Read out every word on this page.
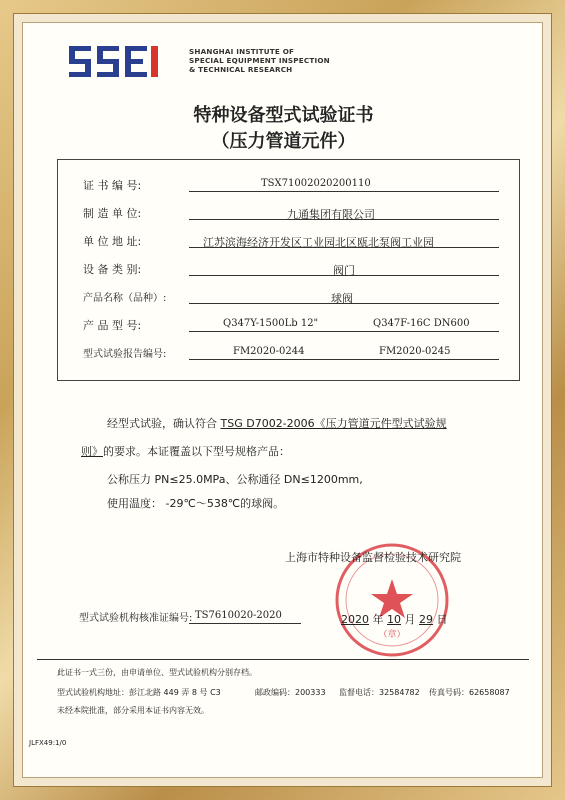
SHANGHAI INSTITUTE OF
SPECIAL EQUIPMENT INSPECTION
& TECHNICAL RESEARCH
特种设备型式试验证书
（压力管道元件）
证 书 编 号:	TSX71002020200110
制 造 单 位:	九通集团有限公司
单 位 地 址:	江苏滨海经济开发区工业园北区瓯北泵阀工业园
设 备 类 别:	阀门
产品名称（品种）:	球阀
产 品 型 号:	Q347Y-1500Lb 12"	Q347F-16C DN600
型式试验报告编号:	FM2020-0244	FM2020-0245
经型式试验，确认符合 TSG D7002-2006《压力管道元件型式试验规
则》的要求。本证覆盖以下型号规格产品：
公称压力 PN≤25.0MPa、公称通径 DN≤1200mm,
使用温度： -29℃～538℃的球阀。
（章）
上海市特种设备监督检验技术研究院
型式试验机构核准证编号: TS7610020-2020	2020 年 10 月 29 日
此证书一式三份，由申请单位、型式试验机构分别存档。
型式试验机构地址：彭江北路 449 弄 8 号 C3	邮政编码：200333 监督电话：32584782 传真号码：62658087
未经本院批准，部分采用本证书内容无效。
JLFX49:1/0
